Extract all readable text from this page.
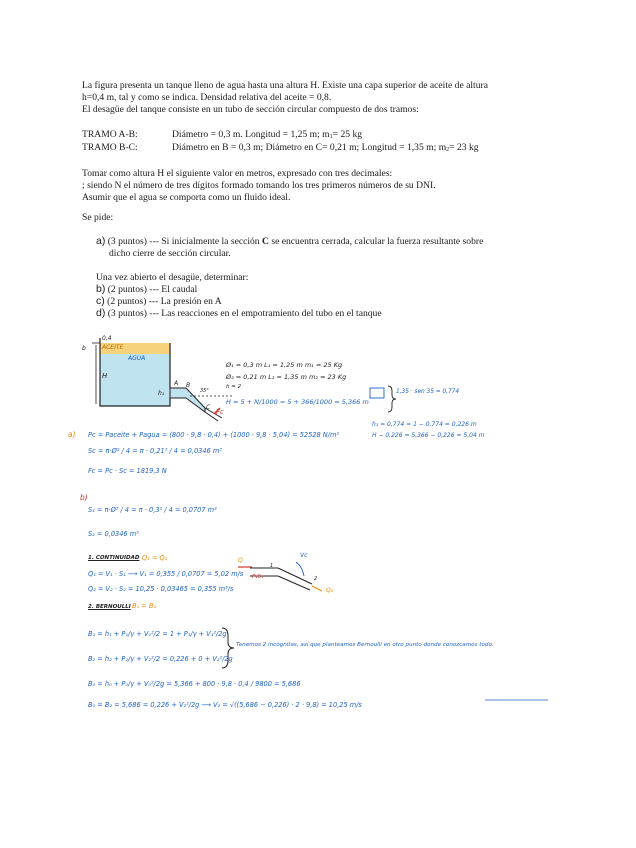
La figura presenta un tanque lleno de agua hasta una altura H. Existe una capa superior de aceite de altura
h=0,4 m, tal y como se indica. Densidad relativa del aceite = 0,8.
El desagüe del tanque consiste en un tubo de sección circular compuesto de dos tramos:
TRAMO A-B:	Diámetro = 0,3 m. Longitud = 1,25 m; m1= 25 kg
TRAMO B-C:	Diámetro en B = 0,3 m; Diámetro en C= 0,21 m; Longitud = 1,35 m; m2= 23 kg
Tomar como altura H el siguiente valor en metros, expresado con tres decimales:
; siendo N el número de tres dígitos formado tomando los tres primeros números de su DNI.
Asumir que el agua se comporta como un fluido ideal.
Se pide:
a) (3 puntos) --- Si inicialmente la sección C se encuentra cerrada, calcular la fuerza resultante sobre
dicho cierre de sección circular.
Una vez abierto el desagüe, determinar:
b) (2 puntos) --- El caudal
c) (2 puntos) --- La presión en A
d) (3 puntos) --- Las reacciones en el empotramiento del tubo en el tanque
ACEITE
AGUA
0,4
H
h₁
b
A B
C
35°
Fc
Ø₁ = 0,3 m L₁ = 1,25 m m₁ = 25 Kg
Ø₂ = 0,21 m L₂ = 1,35 m m₂ = 23 Kg
h = 2
H = 5 + N/1000 = 5 + 366/1000 = 5,366 m
1,35 · sen 35 = 0,774
h₁ = 0,774 = 1 − 0,774 = 0,226 m
H − 0,226 = 5,366 − 0,226 = 5,04 m
a) Pc = Paceite + Pagua = (800 · 9,8 · 0,4) + (1000 · 9,8 · 5,04) = 52528 N/m²
Sc = π·Ø² / 4 = π · 0,21² / 4 = 0,0346 m²
Fc = Pc · Sc = 1819,3 N
b)
S₁ = π·Ø² / 4 = π · 0,3² / 4 = 0,0707 m²
S₂ = 0,0346 m²
1. CONTINUIDAD Q₁ = Q₂
Q₁ = V₁ · S₁ ⟶ V₁ = 0,355 / 0,0707 = 5,02 m/s
Q₂ = V₂ · S₂ = 10,25 · 0,03465 = 0,355 m³/s
Q
Vc
1
2
P₁S₁
Q₂
2. BERNOULLI B₁ = B₂
B₁ = h₁ + P₁/γ + V₁²/2 = 1 + P₁/γ + V₁²/2g
B₂ = h₂ + P₂/γ + V₂²/2 = 0,226 + 0 + V₂²/2g
Tenemos 2 incógnitas, así que planteamos Bernoulli en otro punto donde conozcamos todo.
B₀ = h₀ + P₀/γ + V₀²/2g = 5,366 + 800 · 9,8 · 0,4 / 9800 = 5,686
B₀ = B₂ = 5,686 = 0,226 + V₂²/2g ⟶ V₂ = √((5,686 − 0,226) · 2 · 9,8) = 10,25 m/s
